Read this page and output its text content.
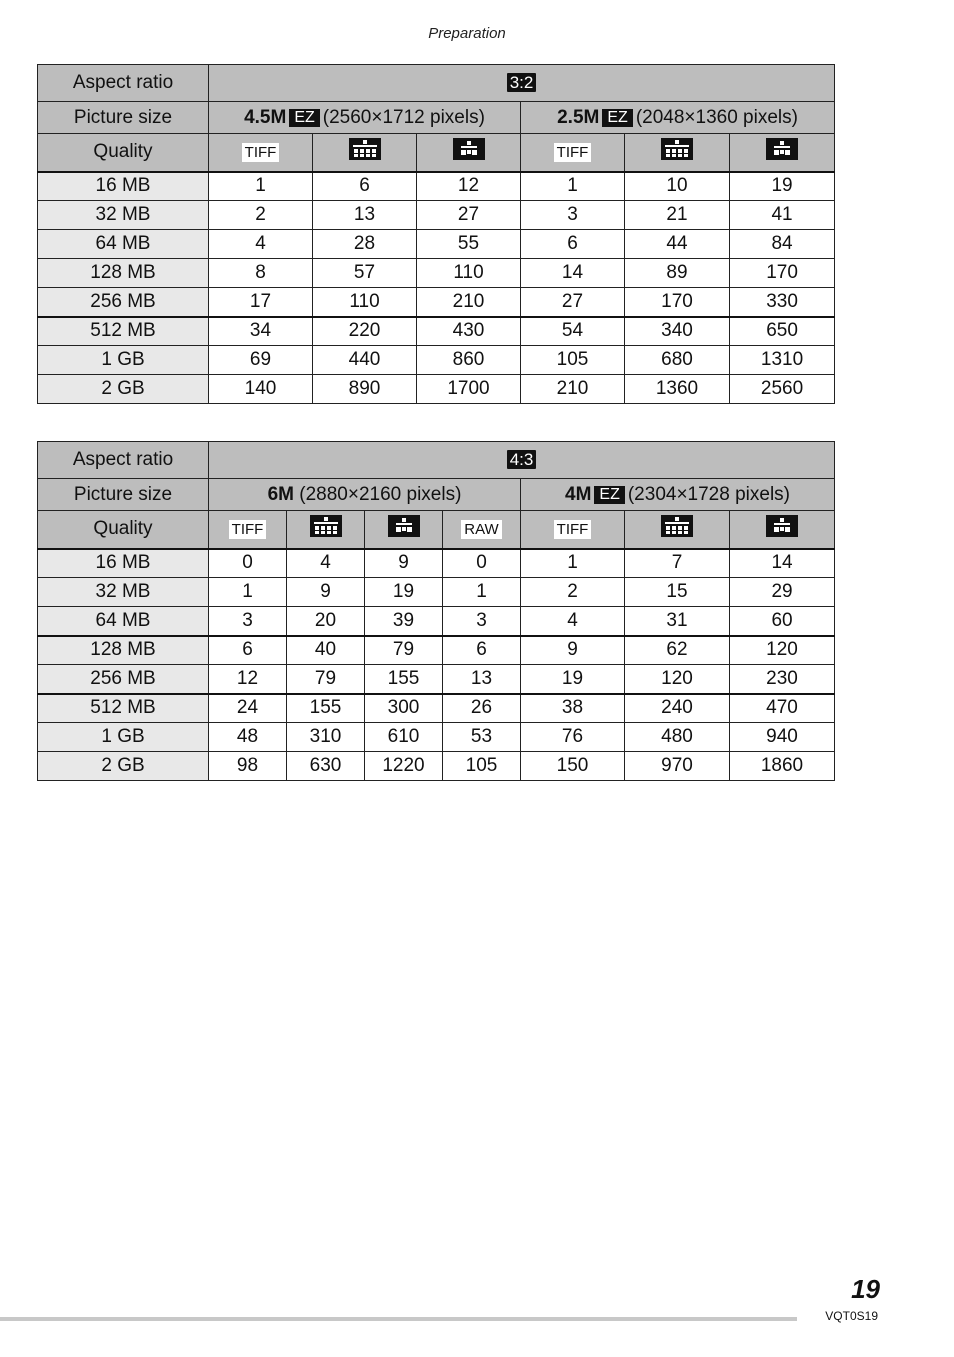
Preparation
Aspect ratio	3:2					
Picture size	4.5M EZ (2560×1712 pixels)			2.5M EZ (2048×1360 pixels)		
Quality	TIFF			TIFF		
16 MB	1	6	12	1	10	19
32 MB	2	13	27	3	21	41
64 MB	4	28	55	6	44	84
128 MB	8	57	110	14	89	170
256 MB	17	110	210	27	170	330
512 MB	34	220	430	54	340	650
1 GB	69	440	860	105	680	1310
2 GB	140	890	1700	210	1360	2560
Aspect ratio	4:3						
Picture size	6M (2880×2160 pixels)				4M EZ (2304×1728 pixels)		
Quality	TIFF			RAW	TIFF		
16 MB	0	4	9	0	1	7	14
32 MB	1	9	19	1	2	15	29
64 MB	3	20	39	3	4	31	60
128 MB	6	40	79	6	9	62	120
256 MB	12	79	155	13	19	120	230
512 MB	24	155	300	26	38	240	470
1 GB	48	310	610	53	76	480	940
2 GB	98	630	1220	105	150	970	1860
19
VQT0S19
